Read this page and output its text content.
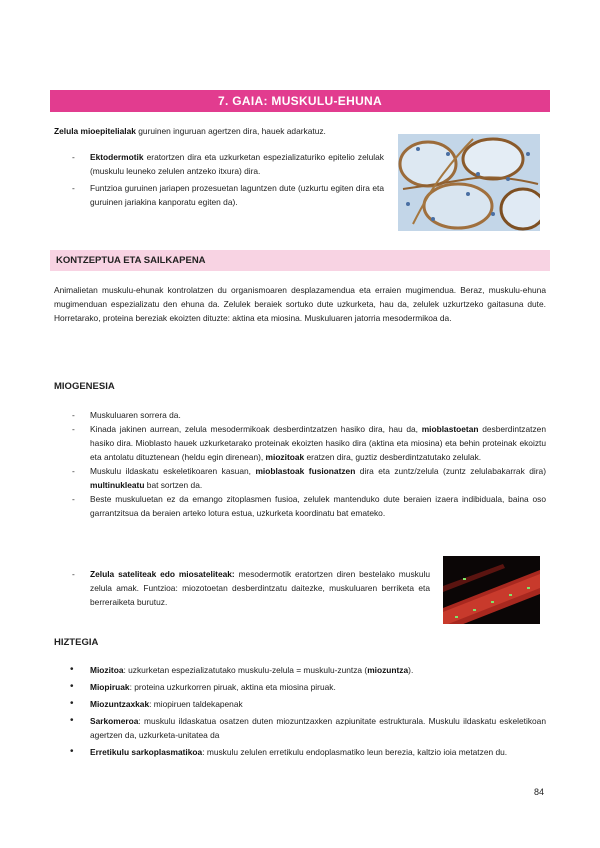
7. GAIA: MUSKULU-EHUNA
Zelula mioepitelialak guruinen inguruan agertzen dira, hauek adarkatuz.
- Ektodermotik eratortzen dira eta uzkurketan espezializaturiko epitelio zelulak (muskulu leuneko zelulen antzeko itxura) dira.
- Funtzioa guruinen jariapen prozesuetan laguntzen dute (uzkurtu egiten dira eta guruinen jariakina kanporatu egiten da).
KONTZEPTUA ETA SAILKAPENA
Animalietan muskulu-ehunak kontrolatzen du organismoaren desplazamendua eta erraien mugimendua. Beraz, muskulu-ehuna mugimenduan espezializatu den ehuna da. Zelulek beraiek sortuko dute uzkurketa, hau da, zelulek uzkurtzeko gaitasuna dute. Horretarako, proteina bereziak ekoizten dituzte: aktina eta miosina. Muskuluaren jatorria mesodermikoa da.
MIOGENESIA
- Muskuluaren sorrera da.
- Kinada jakinen aurrean, zelula mesodermikoak desberdintzatzen hasiko dira, hau da, mioblastoetan desberdintzatzen hasiko dira. Mioblasto hauek uzkurketarako proteinak ekoizten hasiko dira (aktina eta miosina) eta behin proteinak ekoiztu eta antolatu dituztenean (heldu egin direnean), miozitoak eratzen dira, guztiz desberdintzatutako zelulak.
- Muskulu ildaskatu eskeletikoaren kasuan, mioblastoak fusionatzen dira eta zuntz/zelula (zuntz zelulabakarrak dira) multinukleatu bat sortzen da.
- Beste muskuluetan ez da emango zitoplasmen fusioa, zelulek mantenduko dute beraien izaera indibiduala, baina oso garrantzitsua da beraien arteko lotura estua, uzkurketa koordinatu bat emateko.
- Zelula sateliteak edo miosateliteak: mesodermotik eratortzen diren bestelako muskulu zelula amak. Funtzioa: miozotoetan desberdintzatu daitezke, muskuluaren berriketa eta berreraiketa burutuz.
HIZTEGIA
• Miozitoa: uzkurketan espezializatutako muskulu-zelula = muskulu-zuntza (miozuntza).
• Miopiruak: proteina uzkurkorren piruak, aktina eta miosina piruak.
• Miozuntzaxkak: miopiruen taldekapenak
• Sarkomeroa: muskulu ildaskatua osatzen duten miozuntzaxken azpiunitate estrukturala. Muskulu ildaskatu eskeletikoan agertzen da, uzkurketa-unitatea da
• Erretikulu sarkoplasmatikoa: muskulu zelulen erretikulu endoplasmatiko leun berezia, kaltzio ioia metatzen du.
84
